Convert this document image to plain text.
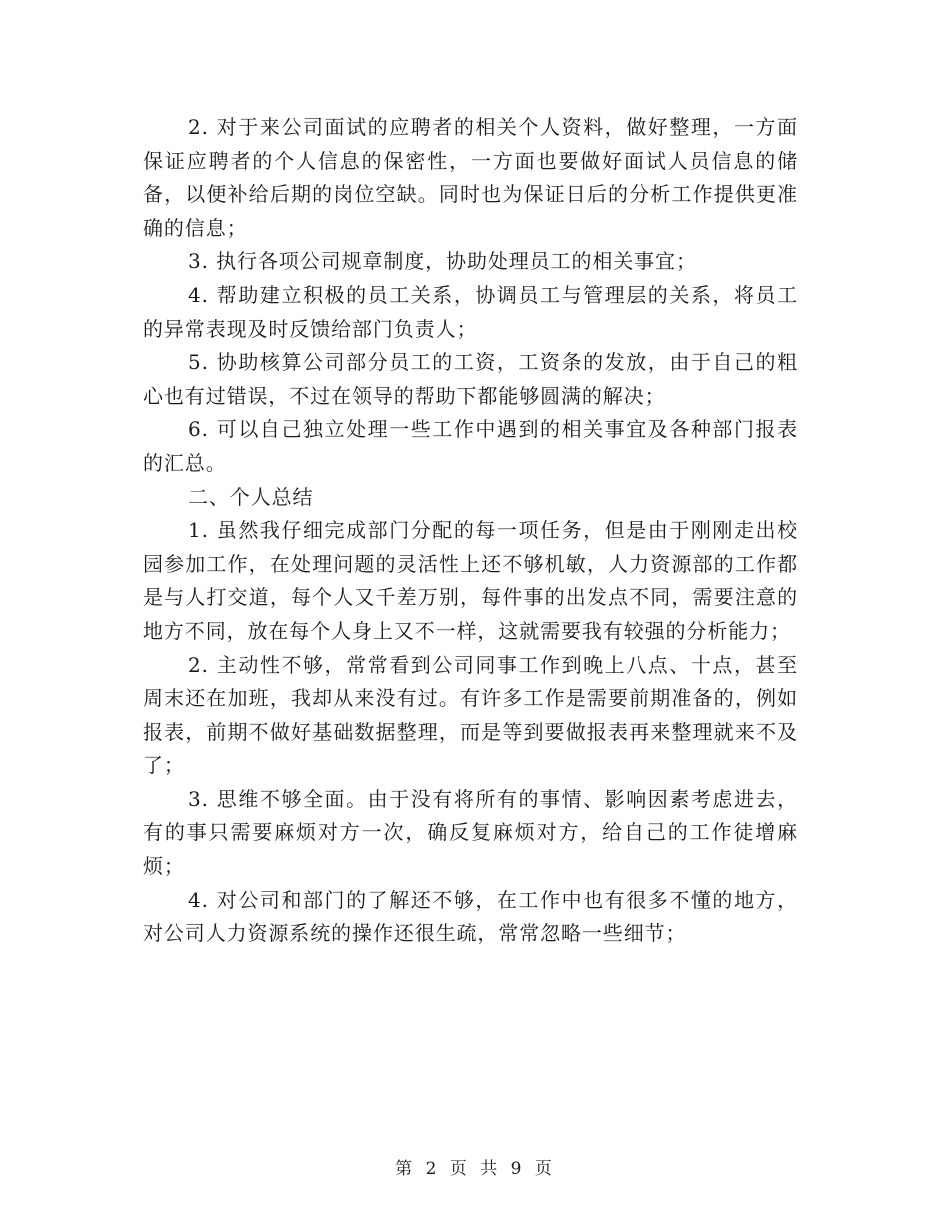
2. 对于来公司面试的应聘者的相关个人资料，做好整理，一方面保证应聘者的个人信息的保密性，一方面也要做好面试人员信息的储备，以便补给后期的岗位空缺。同时也为保证日后的分析工作提供更准确的信息；

3. 执行各项公司规章制度，协助处理员工的相关事宜；

4. 帮助建立积极的员工关系，协调员工与管理层的关系，将员工的异常表现及时反馈给部门负责人；

5. 协助核算公司部分员工的工资，工资条的发放，由于自己的粗心也有过错误，不过在领导的帮助下都能够圆满的解决；

6. 可以自己独立处理一些工作中遇到的相关事宜及各种部门报表的汇总。

二、个人总结

1. 虽然我仔细完成部门分配的每一项任务，但是由于刚刚走出校园参加工作，在处理问题的灵活性上还不够机敏，人力资源部的工作都是与人打交道，每个人又千差万别，每件事的出发点不同，需要注意的地方不同，放在每个人身上又不一样，这就需要我有较强的分析能力；

2. 主动性不够，常常看到公司同事工作到晚上八点、十点，甚至周末还在加班，我却从来没有过。有许多工作是需要前期准备的，例如报表，前期不做好基础数据整理，而是等到要做报表再来整理就来不及了；

3. 思维不够全面。由于没有将所有的事情、影响因素考虑进去，有的事只需要麻烦对方一次，确反复麻烦对方，给自己的工作徒增麻烦；

4. 对公司和部门的了解还不够，在工作中也有很多不懂的地方，对公司人力资源系统的操作还很生疏，常常忽略一些细节；

第 2 页 共 9 页
